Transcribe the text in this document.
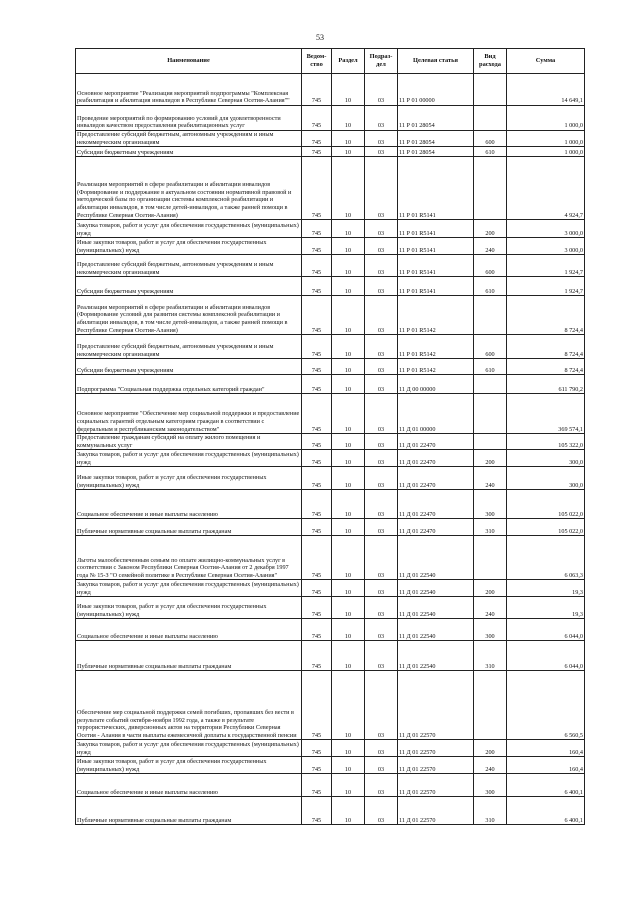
53
Наименование	Ведом-ство	Раздел	Подраз-дел	Целевая статья	Вид расхода	Сумма
Основное мероприятие "Реализация мероприятий подпрограммы "Комплексная реабилитация и абилитация инвалидов в Республике Северная Осетия-Алания""	745	10	03	11 Р 01 00000		14 649,1
Проведение мероприятий по формированию условий для удовлетворенности инвалидов качеством предоставления реабилитационных услуг	745	10	03	11 Р 01 28054		1 000,0
Предоставление субсидий бюджетным, автономным учреждениям и иным некоммерческим организациям	745	10	03	11 Р 01 28054	600	1 000,0
Субсидии бюджетным учреждениям	745	10	03	11 Р 01 28054	610	1 000,0
Реализация мероприятий в сфере реабилитации и абилитации инвалидов (Формирование и поддержание в актуальном состоянии нормативной правовой и методической базы по организации системы комплексной реабилитации и абилитации инвалидов, в том числе детей-инвалидов, а также ранней помощи в Республике Северная Осетия-Алания)	745	10	03	11 Р 01 R5141		4 924,7
Закупка товаров, работ и услуг для обеспечения государственных (муниципальных) нужд	745	10	03	11 Р 01 R5141	200	3 000,0
Иные закупки товаров, работ и услуг для обеспечения государственных (муниципальных) нужд	745	10	03	11 Р 01 R5141	240	3 000,0
Предоставление субсидий бюджетным, автономным учреждениям и иным некоммерческим организациям	745	10	03	11 Р 01 R5141	600	1 924,7
Субсидии бюджетным учреждениям	745	10	03	11 Р 01 R5141	610	1 924,7
Реализация мероприятий в сфере реабилитации и абилитации инвалидов (Формирование условий для развития системы комплексной реабилитации и абилитации инвалидов, в том числе детей-инвалидов, а также ранней помощи в Республике Северная Осетия-Алания)	745	10	03	11 Р 01 R5142		8 724,4
Предоставление субсидий бюджетным, автономным учреждениям и иным некоммерческим организациям	745	10	03	11 Р 01 R5142	600	8 724,4
Субсидии бюджетным учреждениям	745	10	03	11 Р 01 R5142	610	8 724,4
Подпрограмма "Социальная поддержка отдельных категорий граждан"	745	10	03	11 Д 00 00000		611 790,2
Основное мероприятие "Обеспечение мер социальной поддержки и предоставление социальных гарантий отдельным категориям граждан в соответствии с федеральным и республиканским законодательством"	745	10	03	11 Д 01 00000		369 574,1
Предоставление гражданам субсидий на оплату жилого помещения и коммунальных услуг	745	10	03	11 Д 01 22470		105 322,0
Закупка товаров, работ и услуг для обеспечения государственных (муниципальных) нужд	745	10	03	11 Д 01 22470	200	300,0
Иные закупки товаров, работ и услуг для обеспечения государственных (муниципальных) нужд	745	10	03	11 Д 01 22470	240	300,0
Социальное обеспечение и иные выплаты населению	745	10	03	11 Д 01 22470	300	105 022,0
Публичные нормативные социальные выплаты гражданам	745	10	03	11 Д 01 22470	310	105 022,0
Льготы малообеспеченным семьям по оплате жилищно-коммунальных услуг в соответствии с Законом Республики Северная Осетия-Алания от 2 декабря 1997 года № 15-З "О семейной политике в Республике Северная Осетия-Алания"	745	10	03	11 Д 01 22540		6 063,3
Закупка товаров, работ и услуг для обеспечения государственных (муниципальных) нужд	745	10	03	11 Д 01 22540	200	19,3
Иные закупки товаров, работ и услуг для обеспечения государственных (муниципальных) нужд	745	10	03	11 Д 01 22540	240	19,3
Социальное обеспечение и иные выплаты населению	745	10	03	11 Д 01 22540	300	6 044,0
Публичные нормативные социальные выплаты гражданам	745	10	03	11 Д 01 22540	310	6 044,0
Обеспечение мер социальной поддержки семей погибших, пропавших без вести в результате событий октября-ноября 1992 года, а также в результате террористических, диверсионных актов на территории Республики Северная Осетия - Алания в части выплаты ежемесячной доплаты к государственной пенсии	745	10	03	11 Д 01 22570		6 560,5
Закупка товаров, работ и услуг для обеспечения государственных (муниципальных) нужд	745	10	03	11 Д 01 22570	200	160,4
Иные закупки товаров, работ и услуг для обеспечения государственных (муниципальных) нужд	745	10	03	11 Д 01 22570	240	160,4
Социальное обеспечение и иные выплаты населению	745	10	03	11 Д 01 22570	300	6 400,1
Публичные нормативные социальные выплаты гражданам	745	10	03	11 Д 01 22570	310	6 400,1
